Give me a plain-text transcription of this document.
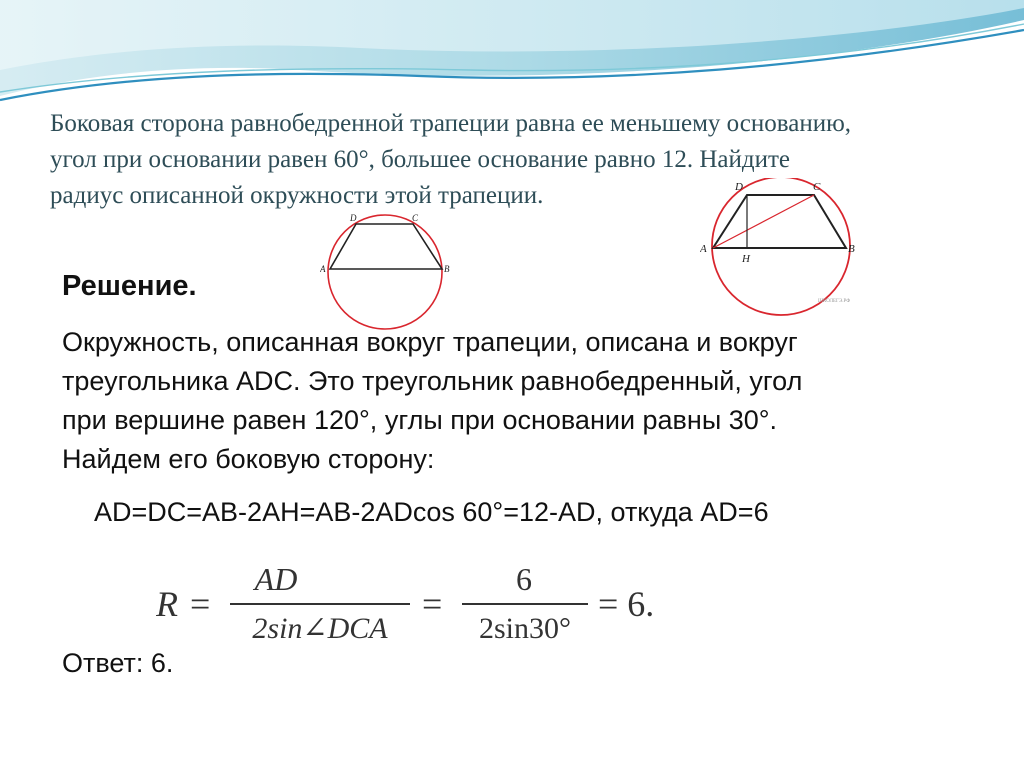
Боковая сторона равнобедренной трапеции равна ее меньшему основанию,
угол при основании равен 60°, большее основание равно 12. Найдите
радиус описанной окружности этой трапеции.
A	B
C
D
A	B
C
D
H
ШКОЛЕГЭ.РФ
Решение.
Окружность, описанная вокруг трапеции, описана и вокруг
треугольника ADC. Это треугольник равнобедренный, угол
при вершине равен 120°, углы при основании равны 30°.
Найдем его боковую сторону:
AD=DC=AB-2AH=AB-2ADcos 60°=12-AD, откуда AD=6
R =
AD
2sin∠DCA
=
6
2sin30°
= 6.
Ответ: 6.
